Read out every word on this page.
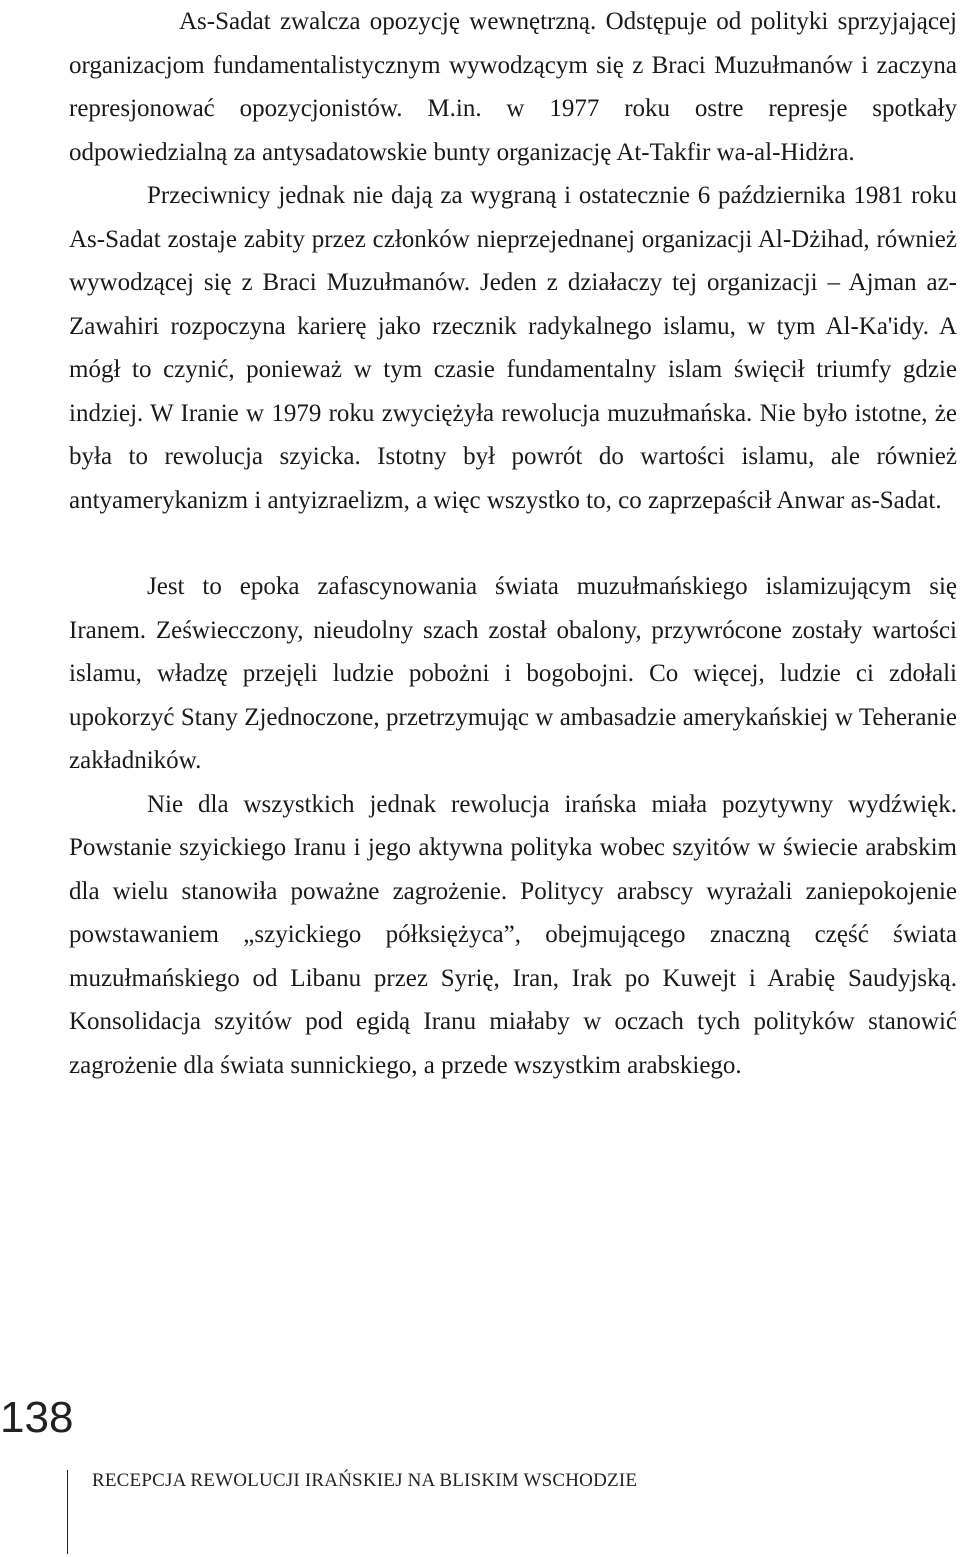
As-Sadat zwalcza opozycję wewnętrzną. Odstępuje od polityki sprzyjającej organizacjom fundamentalistycznym wywodzącym się z Braci Muzułmanów i zaczyna represjonować opozycjonistów. M.in. w 1977 roku ostre represje spotkały odpowiedzialną za antysadatowskie bunty organizację At-Takfir wa-al-Hidżra.

Przeciwnicy jednak nie dają za wygraną i ostatecznie 6 października 1981 roku As-Sadat zostaje zabity przez członków nieprzejednanej organizacji Al-Dżihad, również wywodzącej się z Braci Muzułmanów. Jeden z działaczy tej organizacji – Ajman az-Zawahiri rozpoczyna karierę jako rzecznik radykalnego islamu, w tym Al-Ka'idy. A mógł to czynić, ponieważ w tym czasie fundamentalny islam święcił triumfy gdzie indziej. W Iranie w 1979 roku zwyciężyła rewolucja muzułmańska. Nie było istotne, że była to rewolucja szyicka. Istotny był powrót do wartości islamu, ale również antyamerykanizm i antyizraelizm, a więc wszystko to, co zaprzepaścił Anwar as-Sadat.

Jest to epoka zafascynowania świata muzułmańskiego islamizującym się Iranem. Zeświecczony, nieudolny szach został obalony, przywrócone zostały wartości islamu, władzę przejęli ludzie pobożni i bogobojni. Co więcej, ludzie ci zdołali upokorzyć Stany Zjednoczone, przetrzymując w ambasadzie amerykańskiej w Teheranie zakładników.

Nie dla wszystkich jednak rewolucja irańska miała pozytywny wydźwięk. Powstanie szyickiego Iranu i jego aktywna polityka wobec szyitów w świecie arabskim dla wielu stanowiła poważne zagrożenie. Politycy arabscy wyrażali zaniepokojenie powstawaniem „szyickiego półksiężyca”, obejmującego znaczną część świata muzułmańskiego od Libanu przez Syrię, Iran, Irak po Kuwejt i Arabię Saudyjską. Konsolidacja szyitów pod egidą Iranu miałaby w oczach tych polityków stanowić zagrożenie dla świata sunnickiego, a przede wszystkim arabskiego.

138
RECEPCJA REWOLUCJI IRAŃSKIEJ NA BLISKIM WSCHODZIE
